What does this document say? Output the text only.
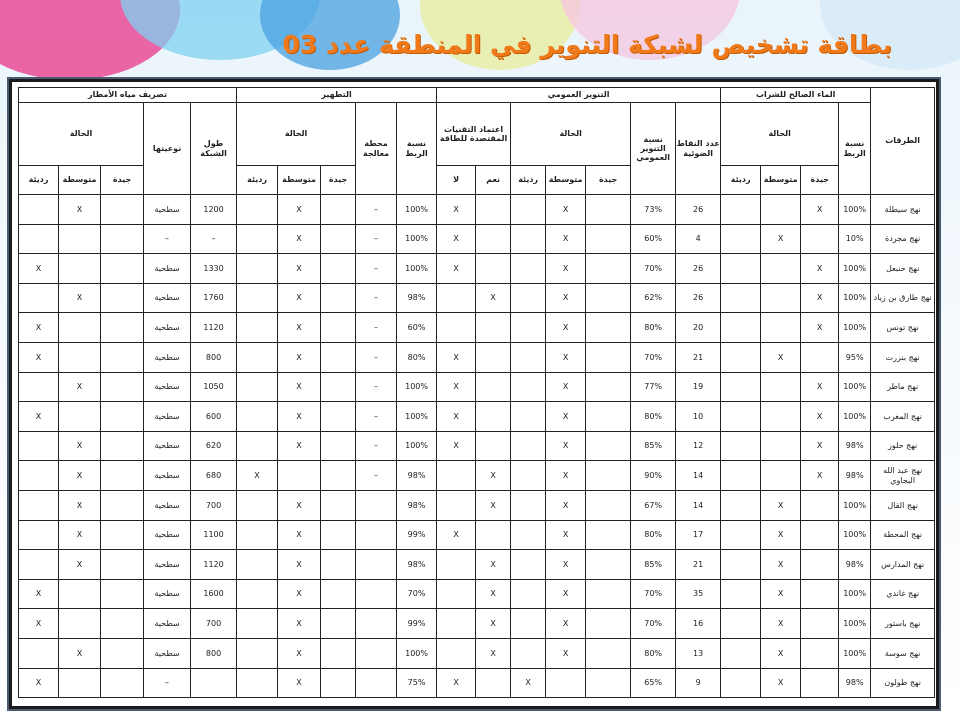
بطاقة تشخيص لشبكة التنوير في المنطقة عدد 03
الطرقات	الماء الصالح للشراب				التنوير العمومي							التطهير					تصريف مياه الأمطار				
	نسبة الربط	الحالة			عدد النقاط الضوئية	نسبة التنوير العمومي	الحالة			اعتماد التقنيات المقتصدة للطاقة		نسبة الربط	محطة معالجة	الحالة			طول الشبكة	نوعيتها	الحالة		
		جيدة	متوسطة	رديئة			جيدة	متوسطة	رديئة	نعم	لا			جيدة	متوسطة	رديئة			جيدة	متوسطة	رديئة
نهج سيطلة	100%	X			26	73%		X			X	100%	–		X		1200	سطحية		X	
نهج مجردة	10%		X		4	60%		X			X	100%	–		X		–	–			
نهج حنبعل	100%	X			26	70%		X			X	100%	–		X		1330	سطحية			X
نهج طارق بن زياد	100%	X			26	62%		X		X		98%	–		X		1760	سطحية		X	
نهج تونس	100%	X			20	80%		X				60%	–		X		1120	سطحية			X
نهج بنزرت	95%		X		21	70%		X			X	80%	–		X		800	سطحية			X
نهج ماطر	100%	X			19	77%		X			X	100%	–		X		1050	سطحية		X	
نهج المغرب	100%	X			10	80%		X			X	100%	–		X		600	سطحية			X
نهج حلوز	98%	X			12	85%		X			X	100%	–		X		620	سطحية		X	
نهج عبد الله البجاوي	98%	X			14	90%		X		X		98%	–			X	680	سطحية		X	
نهج القال	100%		X		14	67%		X		X		98%			X		700	سطحية		X	
نهج المحطة	100%		X		17	80%		X			X	99%			X		1100	سطحية		X	
نهج المدارس	98%		X		21	85%		X		X		98%			X		1120	سطحية		X	
نهج غاندي	100%		X		35	70%		X		X		70%			X		1600	سطحية			X
نهج باستور	100%		X		16	70%		X		X		99%			X		700	سطحية			X
نهج سوسة	100%		X		13	80%		X		X		100%			X		800	سطحية		X	
نهج طولون	98%		X		9	65%			X		X	75%			X			–			X
